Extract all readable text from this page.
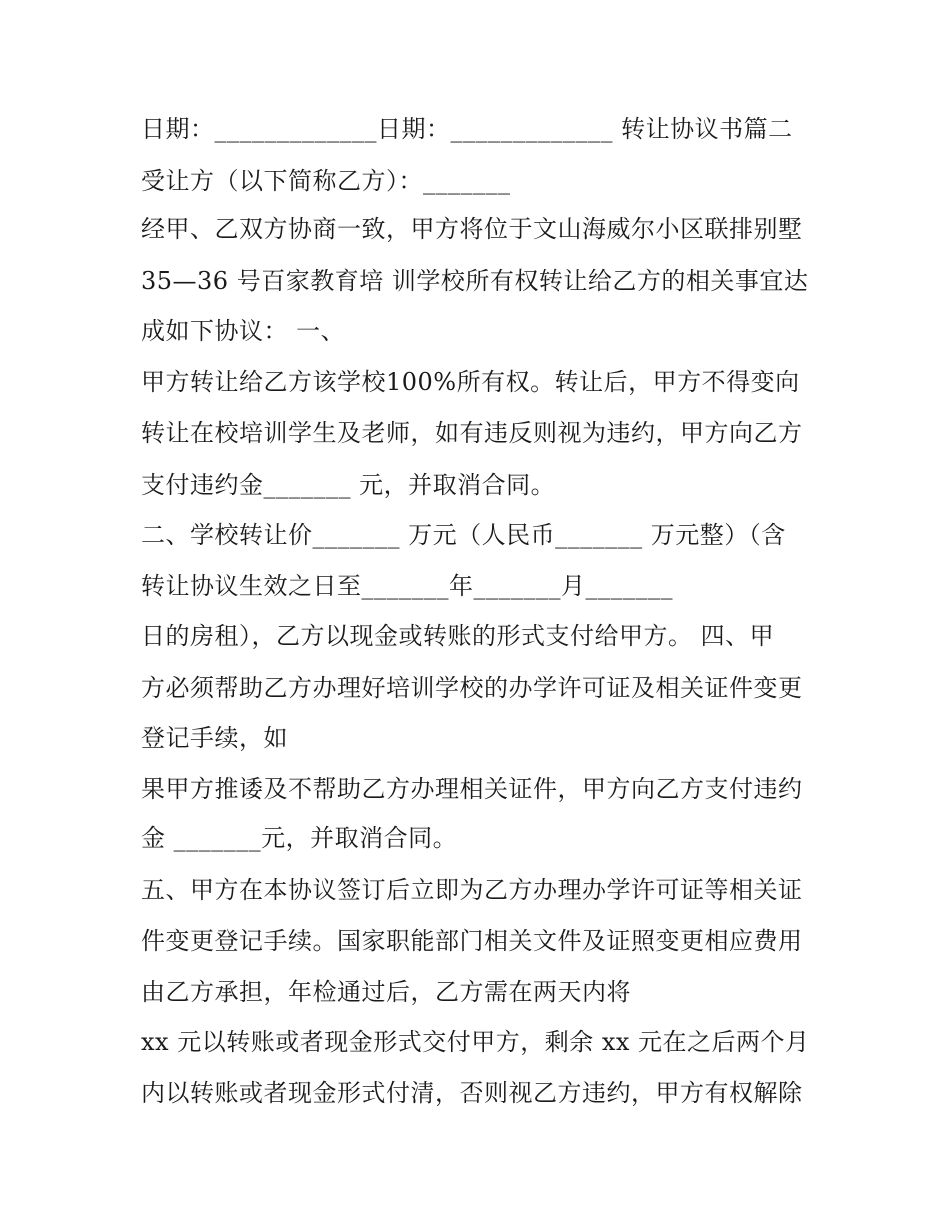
日期：_____________日期：_____________ 转让协议书篇二
受让方（以下简称乙方）：_______
经甲、乙双方协商一致，甲方将位于文山海威尔小区联排别墅
35—36 号百家教育培 训学校所有权转让给乙方的相关事宜达
成如下协议： 一、
甲方转让给乙方该学校100%所有权。转让后，甲方不得变向
转让在校培训学生及老师，如有违反则视为违约，甲方向乙方
支付违约金_______ 元，并取消合同。
二、学校转让价_______ 万元（人民币_______ 万元整）（含
转让协议生效之日至_______年_______月_______
日的房租），乙方以现金或转账的形式支付给甲方。 四、甲
方必须帮助乙方办理好培训学校的办学许可证及相关证件变更
登记手续，如
果甲方推诿及不帮助乙方办理相关证件，甲方向乙方支付违约
金 _______元，并取消合同。
五、甲方在本协议签订后立即为乙方办理办学许可证等相关证
件变更登记手续。国家职能部门相关文件及证照变更相应费用
由乙方承担，年检通过后，乙方需在两天内将
xx 元以转账或者现金形式交付甲方，剩余 xx 元在之后两个月
内以转账或者现金形式付清，否则视乙方违约，甲方有权解除
